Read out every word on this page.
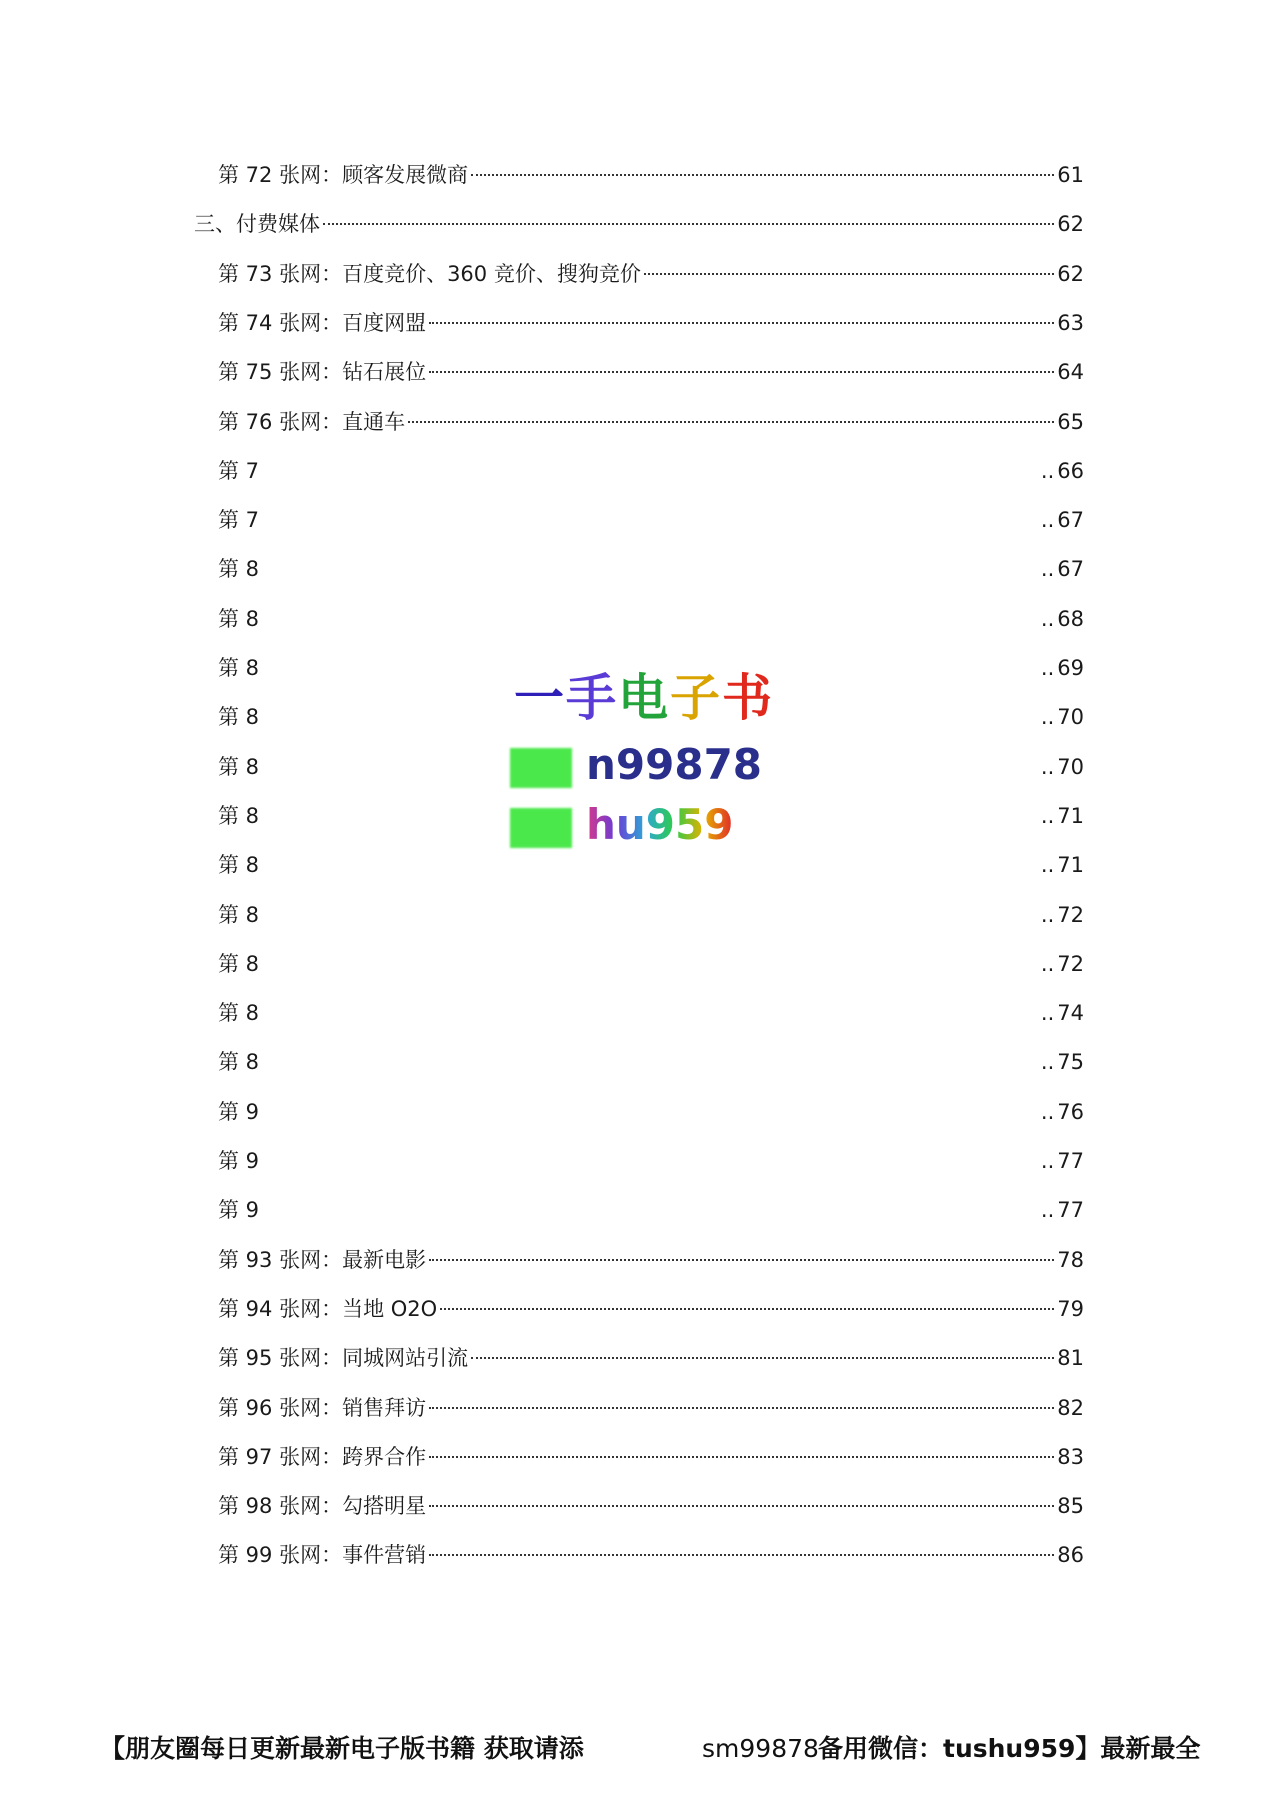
第 72 张网：顾客发展微商	61
三、付费媒体	62
第 73 张网：百度竞价、360 竞价、搜狗竞价	62
第 74 张网：百度网盟	63
第 75 张网：钻石展位	64
第 76 张网：直通车	65
第 7	.. 66
第 7	.. 67
第 8	.. 67
第 8	.. 68
第 8	.. 69
第 8	.. 70
第 8	.. 70
第 8	.. 71
第 8	.. 71
第 8	.. 72
第 8	.. 72
第 8	.. 74
第 8	.. 75
第 9	.. 76
第 9	.. 77
第 9	.. 77
第 93 张网：最新电影	78
第 94 张网：当地 O2O	79
第 95 张网：同城网站引流	81
第 96 张网：销售拜访	82
第 97 张网：跨界合作	83
第 98 张网：勾搭明星	85
第 99 张网：事件营销	86
一手电子书
n99878
hu959
【朋友圈每日更新最新电子版书籍 获取请添	sm99878 备用微信：tushu959】最新最全
